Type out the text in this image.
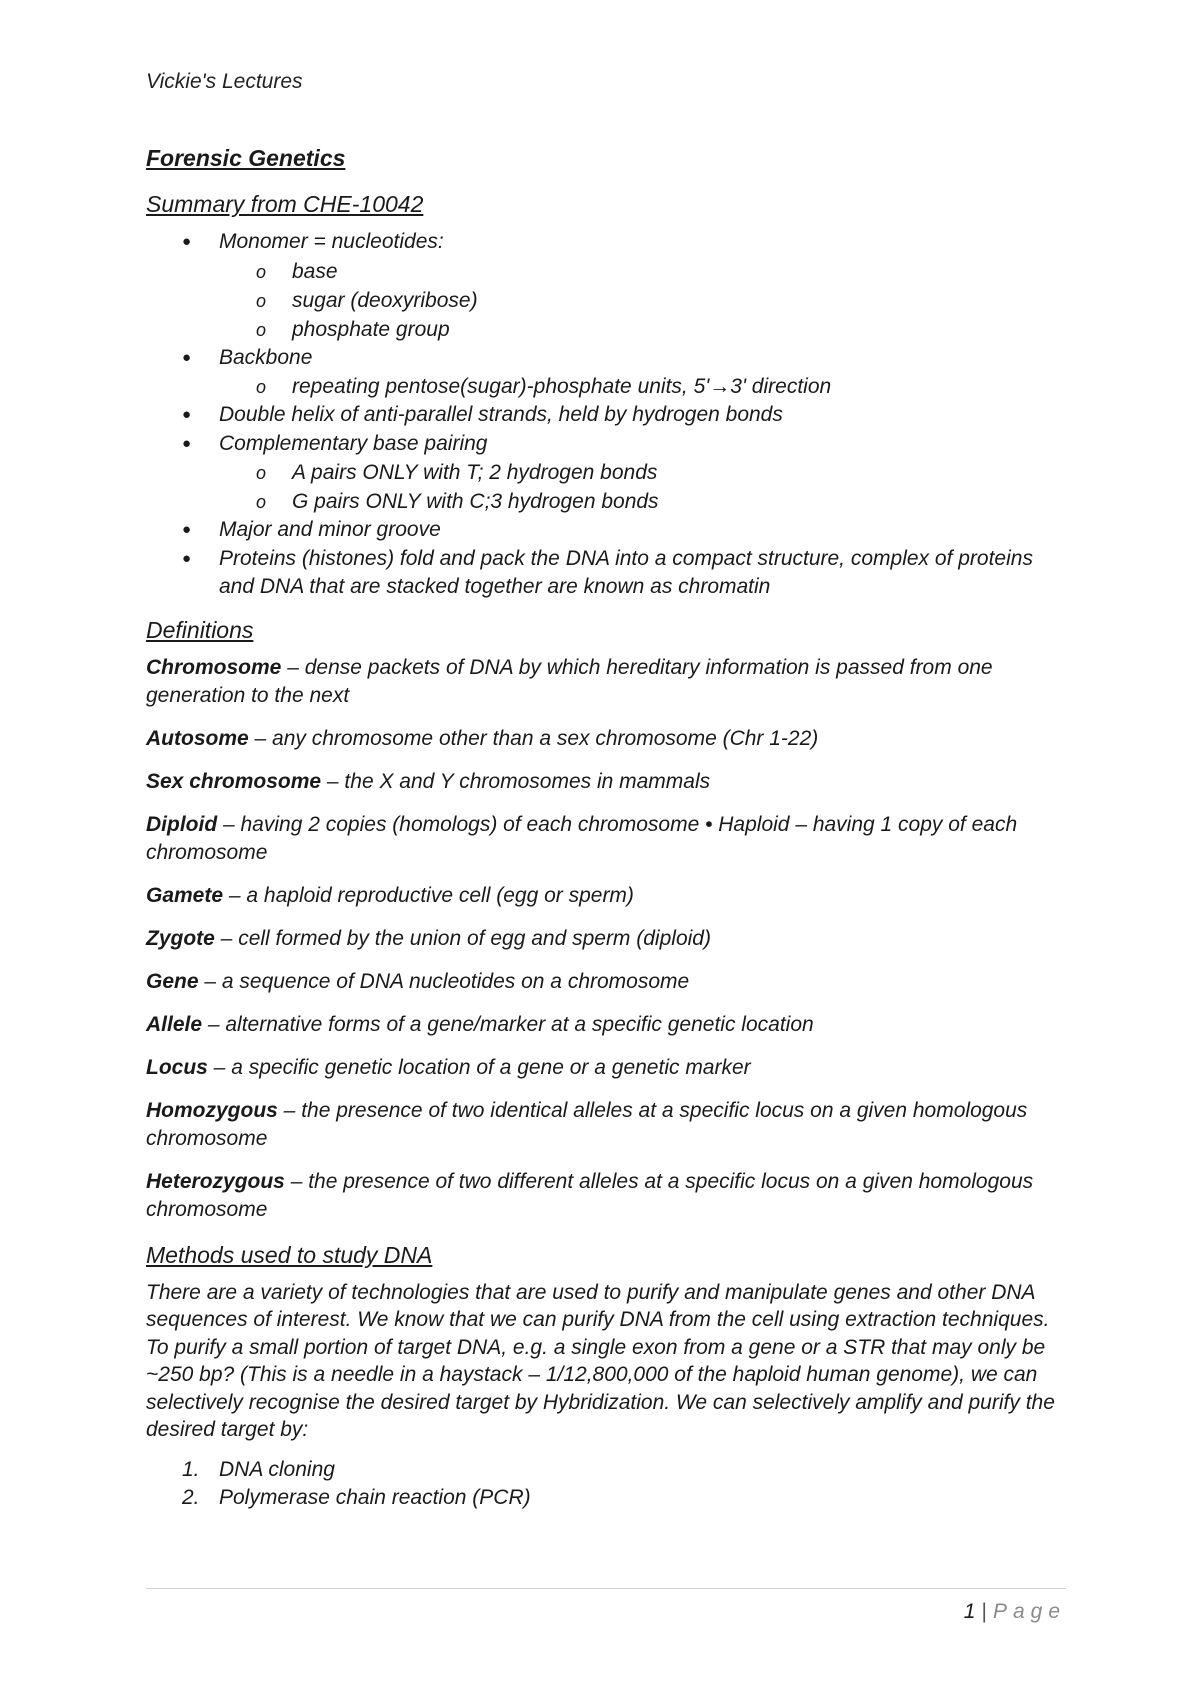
Vickie's Lectures
Forensic Genetics
Summary from CHE-10042
● Monomer = nucleotides:
o base
o sugar (deoxyribose)
o phosphate group
● Backbone
o repeating pentose(sugar)-phosphate units, 5'→3' direction
● Double helix of anti-parallel strands, held by hydrogen bonds
● Complementary base pairing
o A pairs ONLY with T; 2 hydrogen bonds
o G pairs ONLY with C;3 hydrogen bonds
● Major and minor groove
● Proteins (histones) fold and pack the DNA into a compact structure, complex of proteins and DNA that are stacked together are known as chromatin
Definitions
Chromosome – dense packets of DNA by which hereditary information is passed from one generation to the next
Autosome – any chromosome other than a sex chromosome (Chr 1-22)
Sex chromosome – the X and Y chromosomes in mammals
Diploid – having 2 copies (homologs) of each chromosome • Haploid – having 1 copy of each chromosome
Gamete – a haploid reproductive cell (egg or sperm)
Zygote – cell formed by the union of egg and sperm (diploid)
Gene – a sequence of DNA nucleotides on a chromosome
Allele – alternative forms of a gene/marker at a specific genetic location
Locus – a specific genetic location of a gene or a genetic marker
Homozygous – the presence of two identical alleles at a specific locus on a given homologous chromosome
Heterozygous – the presence of two different alleles at a specific locus on a given homologous chromosome
Methods used to study DNA
There are a variety of technologies that are used to purify and manipulate genes and other DNA sequences of interest. We know that we can purify DNA from the cell using extraction techniques. To purify a small portion of target DNA, e.g. a single exon from a gene or a STR that may only be ~250 bp? (This is a needle in a haystack – 1/12,800,000 of the haploid human genome), we can selectively recognise the desired target by Hybridization. We can selectively amplify and purify the desired target by:
1. DNA cloning
2. Polymerase chain reaction (PCR)
1 | Page
